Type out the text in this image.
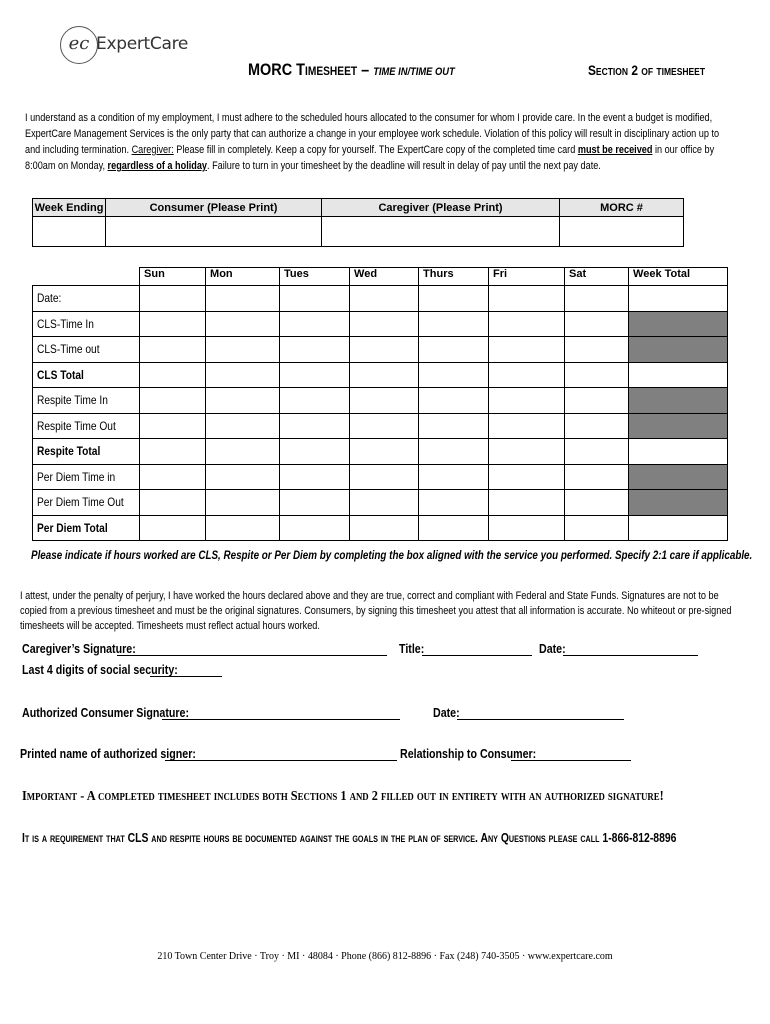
ec ExpertCare
MORC Timesheet – TIME IN/TIME OUT	Section 2 of timesheet
I understand as a condition of my employment, I must adhere to the scheduled hours allocated to the consumer for whom I provide care. In the event a budget is modified, ExpertCare Management Services is the only party that can authorize a change in your employee work schedule. Violation of this policy will result in disciplinary action up to and including termination. Caregiver: Please fill in completely. Keep a copy for yourself. The ExpertCare copy of the completed time card must be received in our office by 8:00am on Monday, regardless of a holiday. Failure to turn in your timesheet by the deadline will result in delay of pay until the next pay date.
Week Ending	Consumer (Please Print)	Caregiver (Please Print)	MORC #

	Sun	Mon	Tues	Wed	Thurs	Fri	Sat	Week Total
Date:								
CLS-Time In								
CLS-Time out								
CLS Total								
Respite Time In								
Respite Time Out								
Respite Total								
Per Diem Time in								
Per Diem Time Out								
Per Diem Total								
Please indicate if hours worked are CLS, Respite or Per Diem by completing the box aligned with the service you performed. Specify 2:1 care if applicable.
I attest, under the penalty of perjury, I have worked the hours declared above and they are true, correct and compliant with Federal and State Funds. Signatures are not to be copied from a previous timesheet and must be the original signatures. Consumers, by signing this timesheet you attest that all information is accurate. No whiteout or pre-signed timesheets will be accepted. Timesheets must reflect actual hours worked.
Caregiver’s Signature:	Title:	Date:
Last 4 digits of social security:
Authorized Consumer Signature:	Date:
Printed name of authorized signer:	Relationship to Consumer:
Important - A completed timesheet includes both Sections 1 and 2 filled out in entirety with an authorized signature!
It is a requirement that CLS and respite hours be documented against the goals in the plan of service. Any Questions please call 1-866-812-8896
210 Town Center Drive · Troy · MI · 48084 · Phone (866) 812-8896 · Fax (248) 740-3505 · www.expertcare.com
